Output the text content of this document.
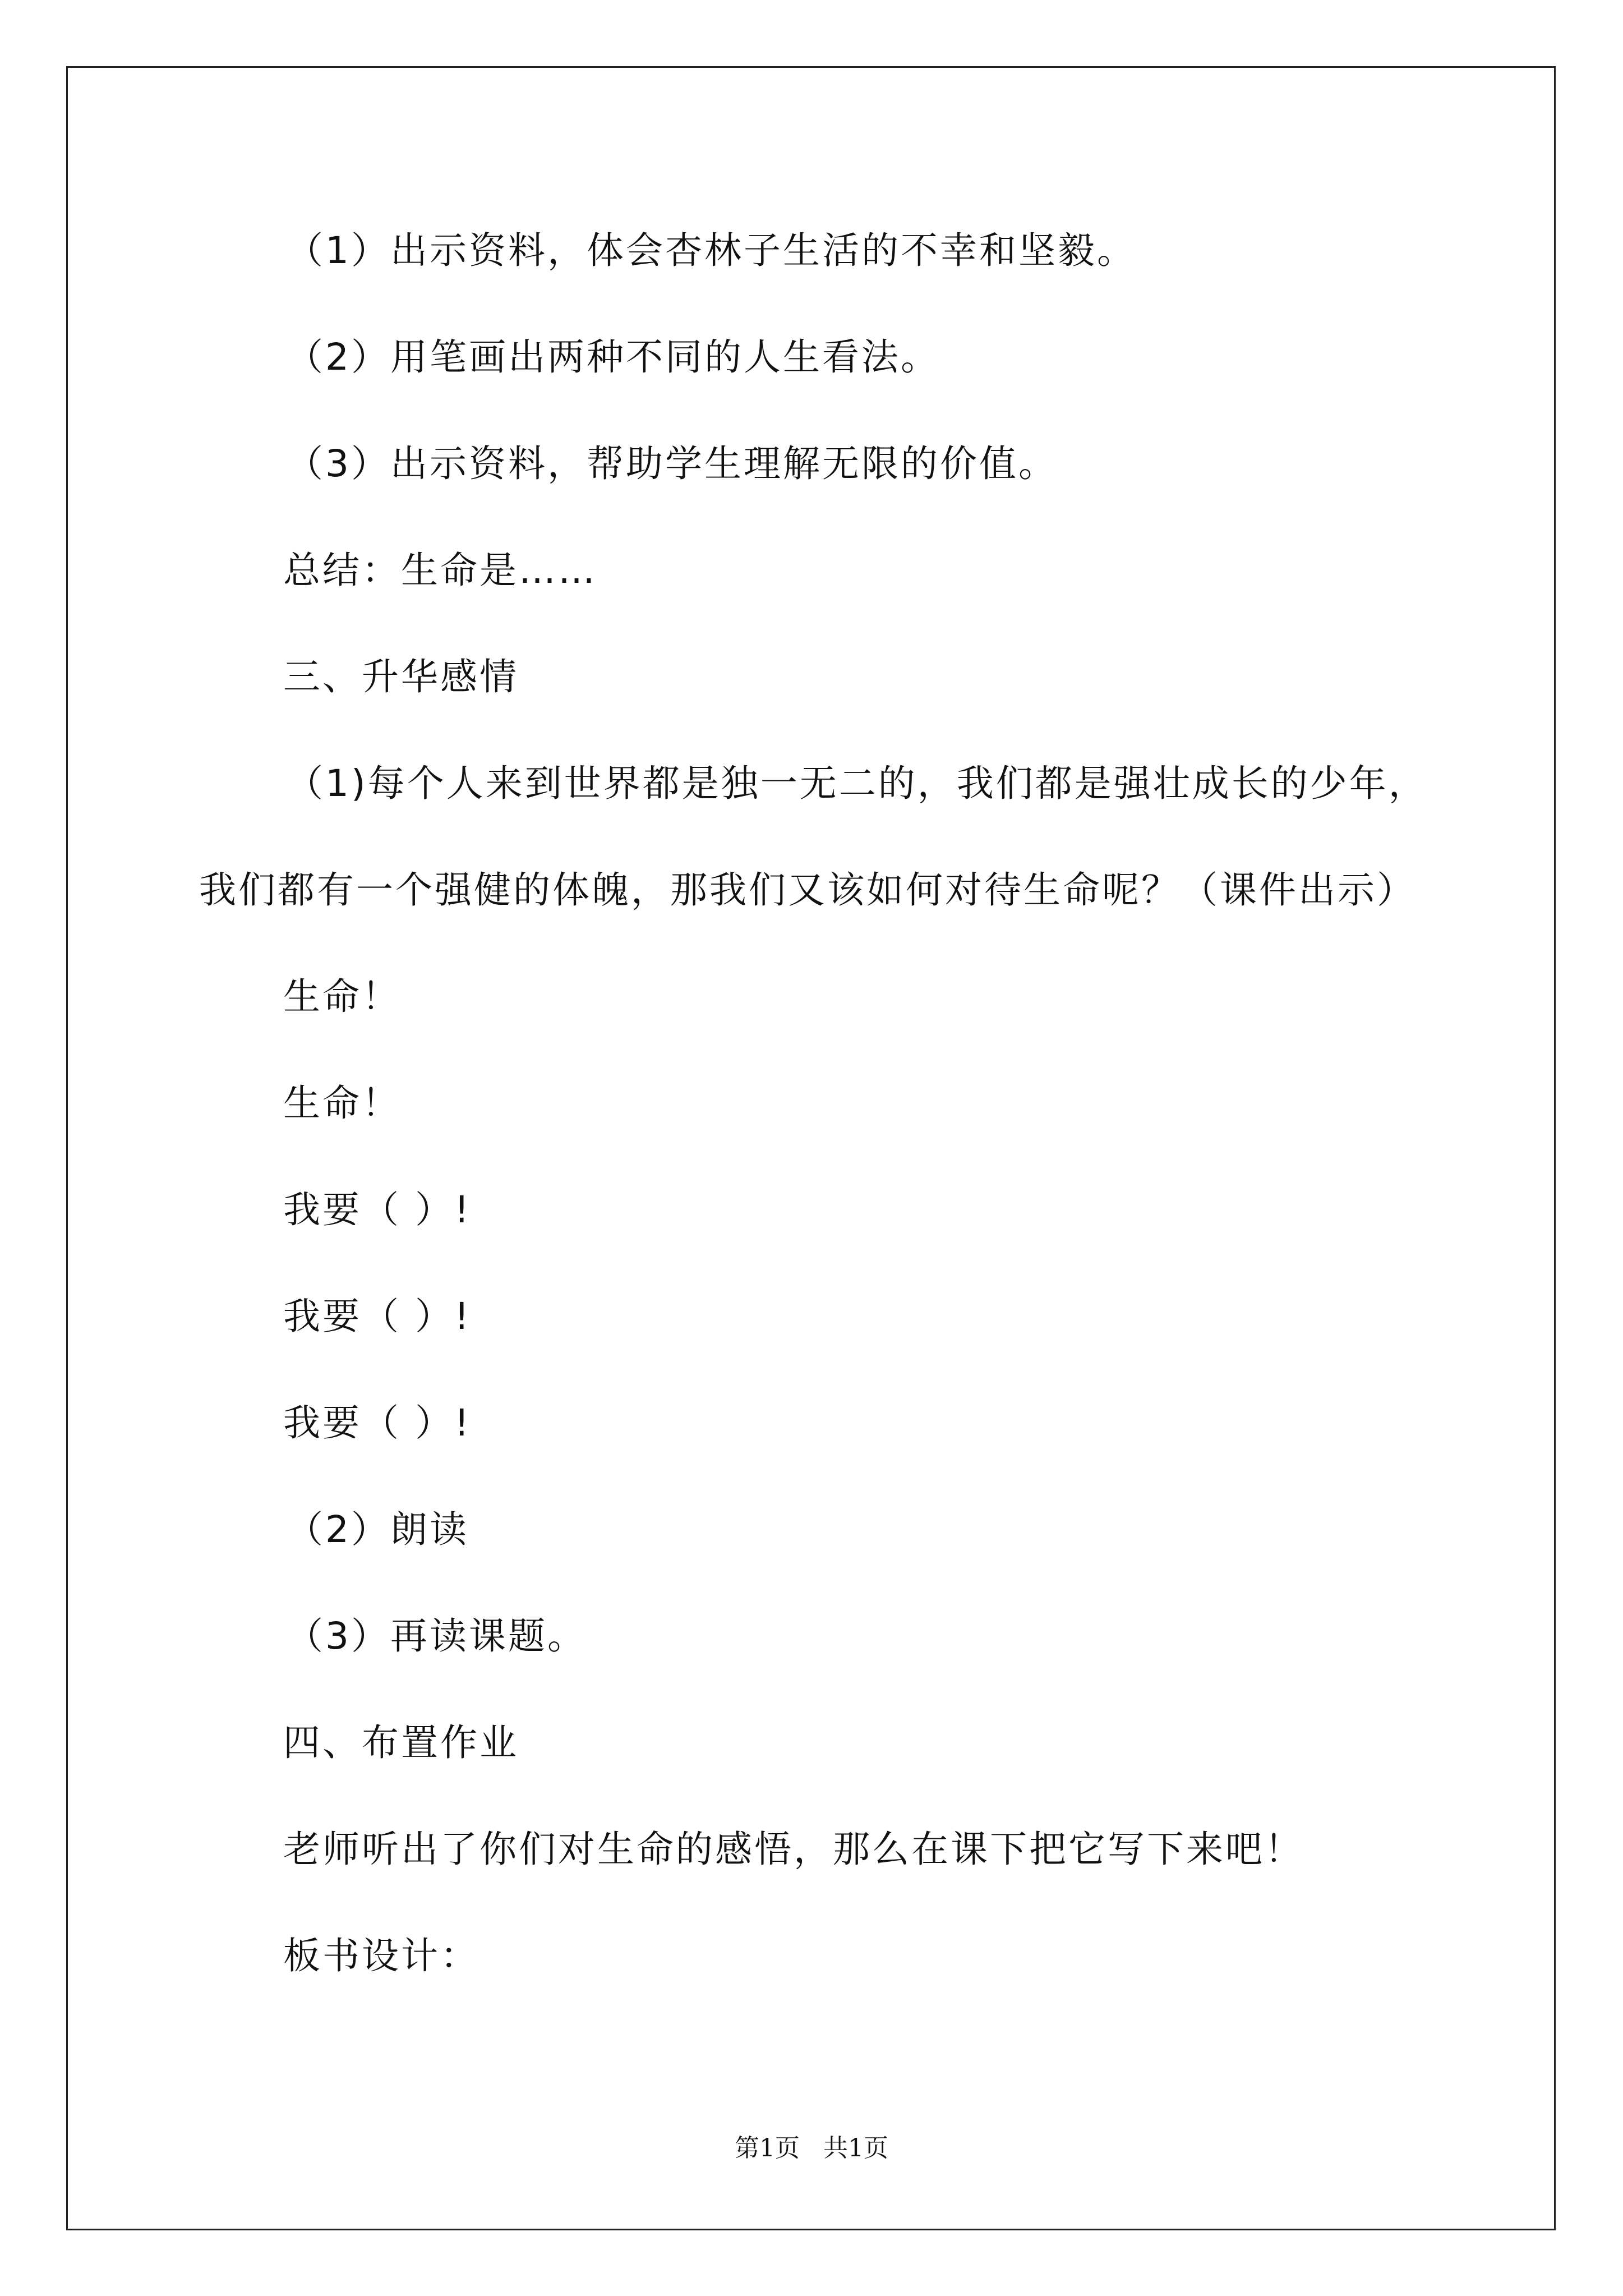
（1）出示资料，体会杏林子生活的不幸和坚毅。
（2）用笔画出两种不同的人生看法。
（3）出示资料，帮助学生理解无限的价值。
总结：生命是……
三、升华感情
（1)每个人来到世界都是独一无二的，我们都是强壮成长的少年，
我们都有一个强健的体魄，那我们又该如何对待生命呢？（课件出示）
生命！
生命！
我要（ ）!
我要（ ）!
我要（ ）!
（2）朗读
（3）再读课题。
四、布置作业
老师听出了你们对生命的感悟，那么在课下把它写下来吧！
板书设计：
第1页   共1页
